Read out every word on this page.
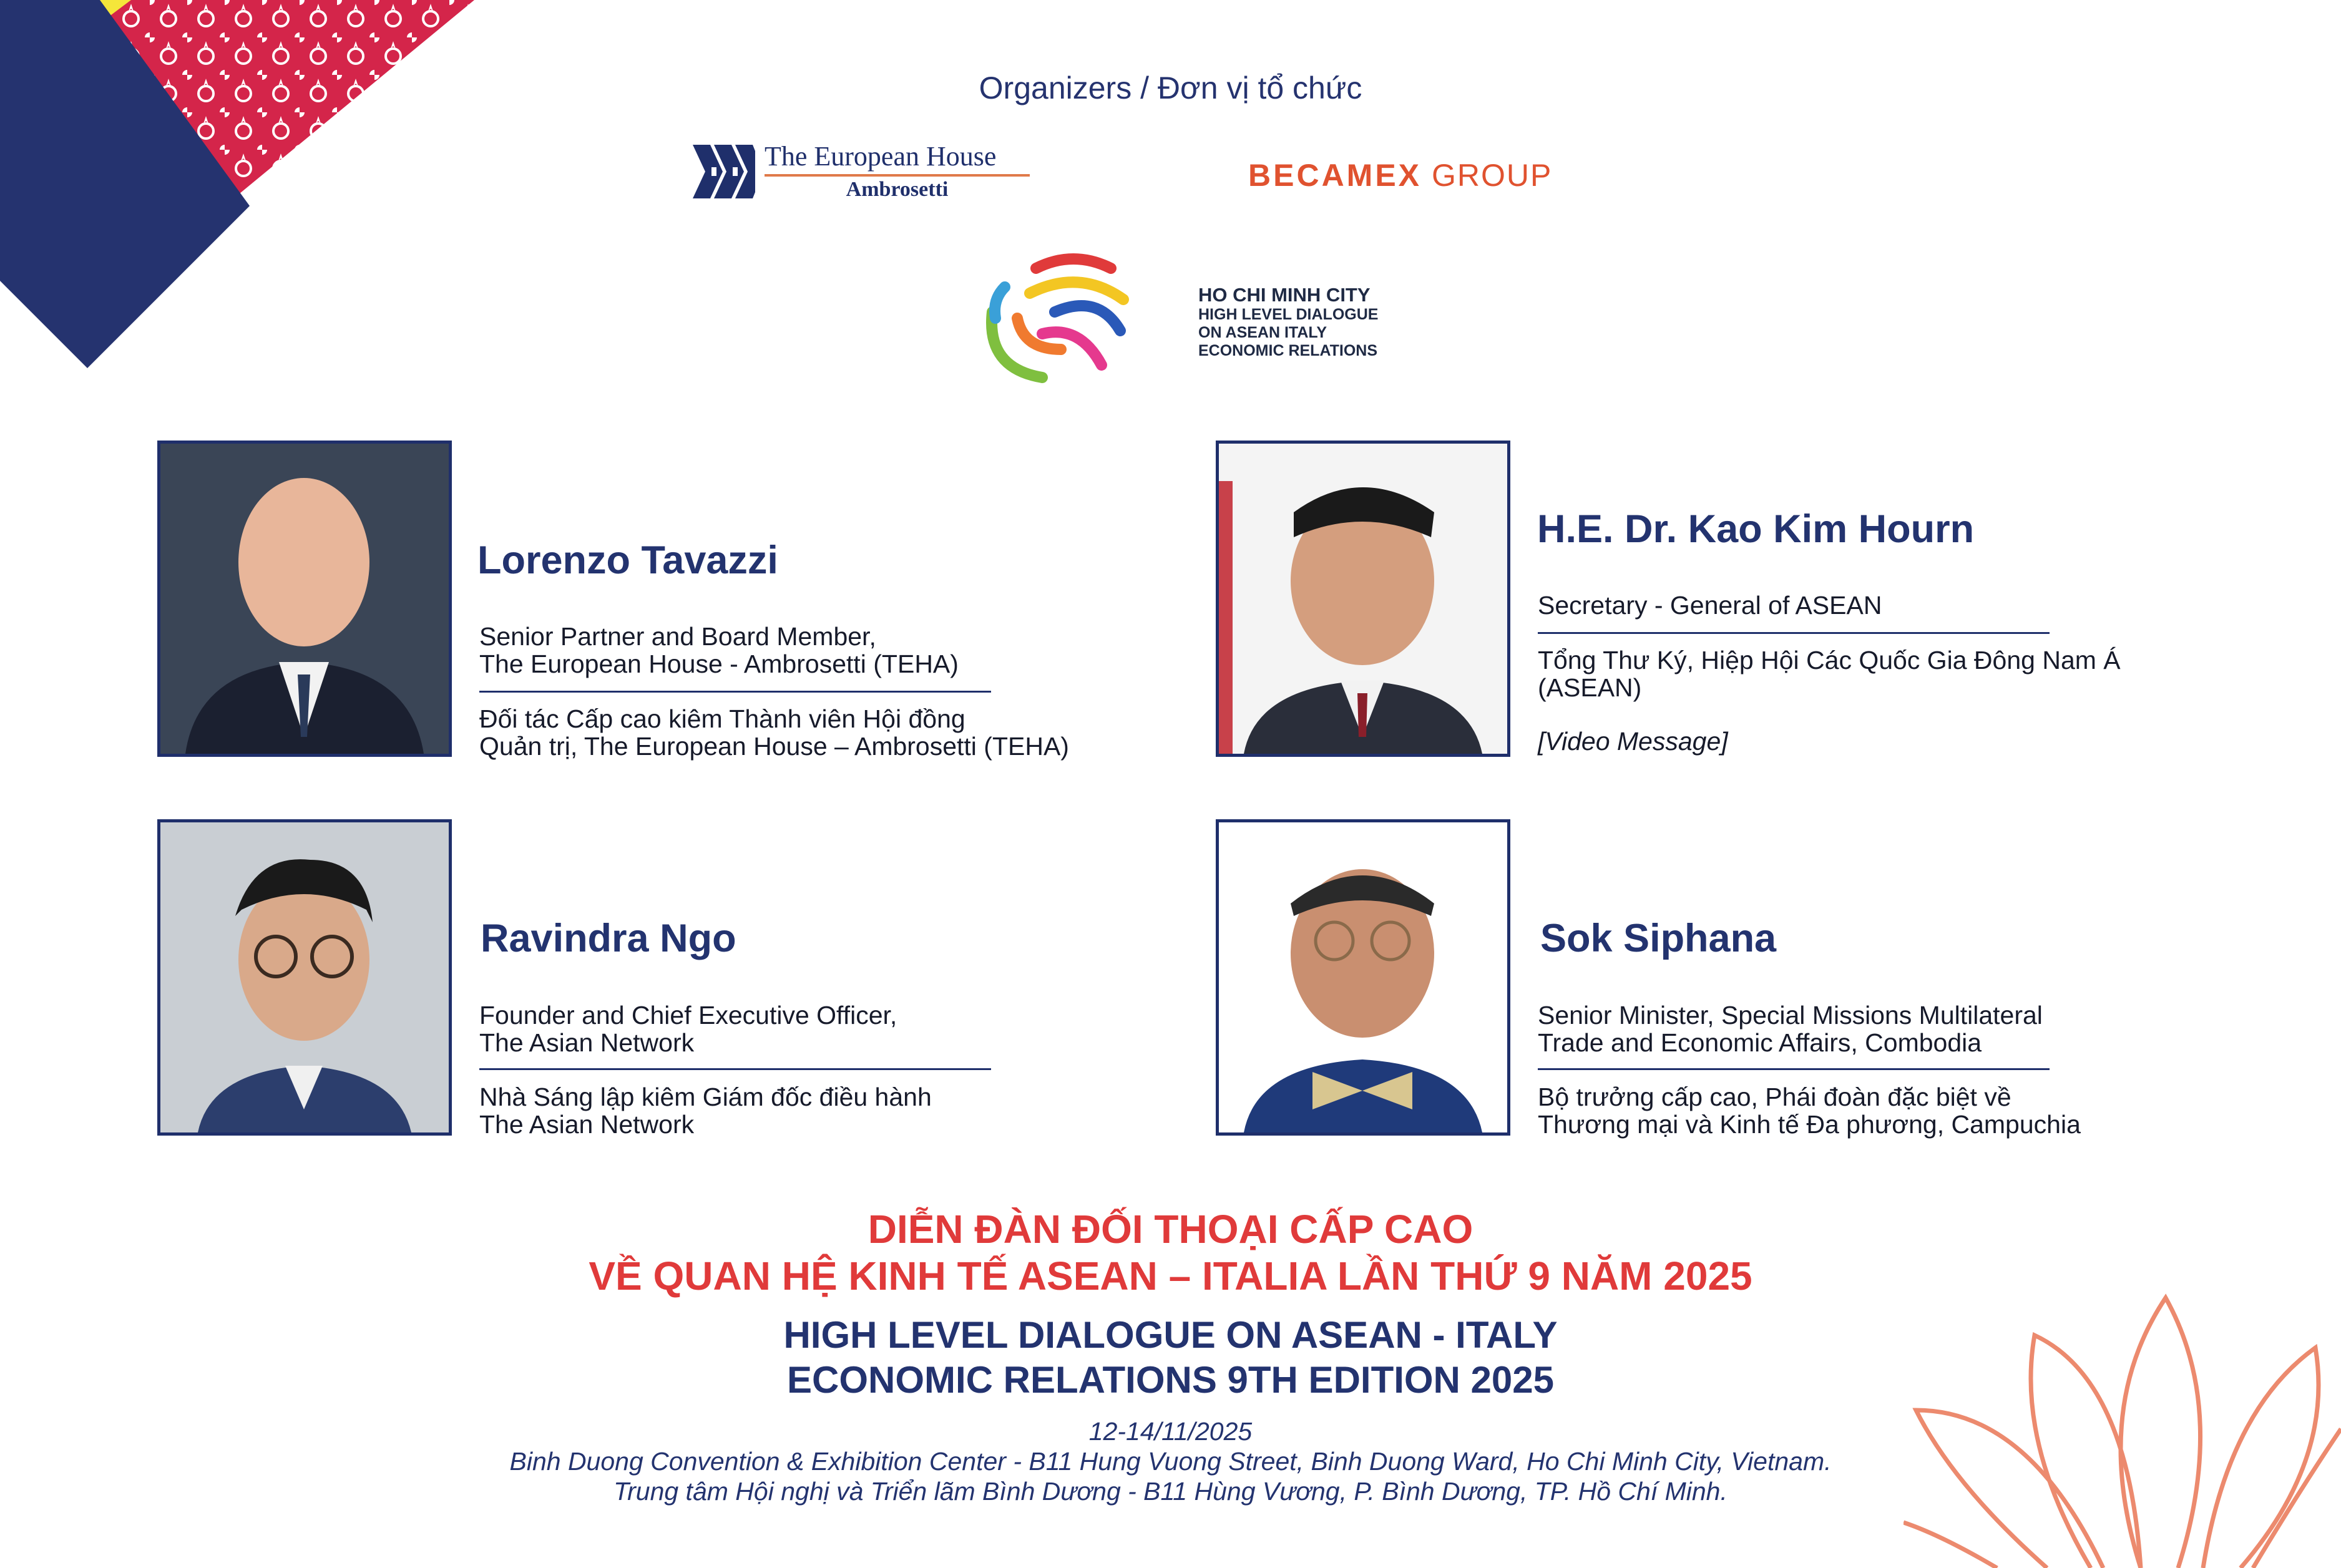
Organizers / Đơn vị tổ chức
The European House
Ambrosetti	BECAMEX GROUP
HO CHI MINH CITY
HIGH LEVEL DIALOGUE
ON ASEAN ITALY
ECONOMIC RELATIONS
Lorenzo Tavazzi
Senior Partner and Board Member,
The European House - Ambrosetti (TEHA)
Đối tác Cấp cao kiêm Thành viên Hội đồng
Quản trị, The European House – Ambrosetti (TEHA)
H.E. Dr. Kao Kim Hourn
Secretary - General of ASEAN
Tổng Thư Ký, Hiệp Hội Các Quốc Gia Đông Nam Á
(ASEAN)
[Video Message]
Ravindra Ngo
Founder and Chief Executive Officer,
The Asian Network
Nhà Sáng lập kiêm Giám đốc điều hành
The Asian Network
Sok Siphana
Senior Minister, Special Missions Multilateral
Trade and Economic Affairs, Combodia
Bộ trưởng cấp cao, Phái đoàn đặc biệt về
Thương mại và Kinh tế Đa phương, Campuchia
DIỄN ĐÀN ĐỐI THOẠI CẤP CAO
VỀ QUAN HỆ KINH TẾ ASEAN – ITALIA LẦN THỨ 9 NĂM 2025
HIGH LEVEL DIALOGUE ON ASEAN - ITALY
ECONOMIC RELATIONS 9TH EDITION 2025
12-14/11/2025
Binh Duong Convention & Exhibition Center - B11 Hung Vuong Street, Binh Duong Ward, Ho Chi Minh City, Vietnam.
Trung tâm Hội nghị và Triển lãm Bình Dương - B11 Hùng Vương, P. Bình Dương, TP. Hồ Chí Minh.
